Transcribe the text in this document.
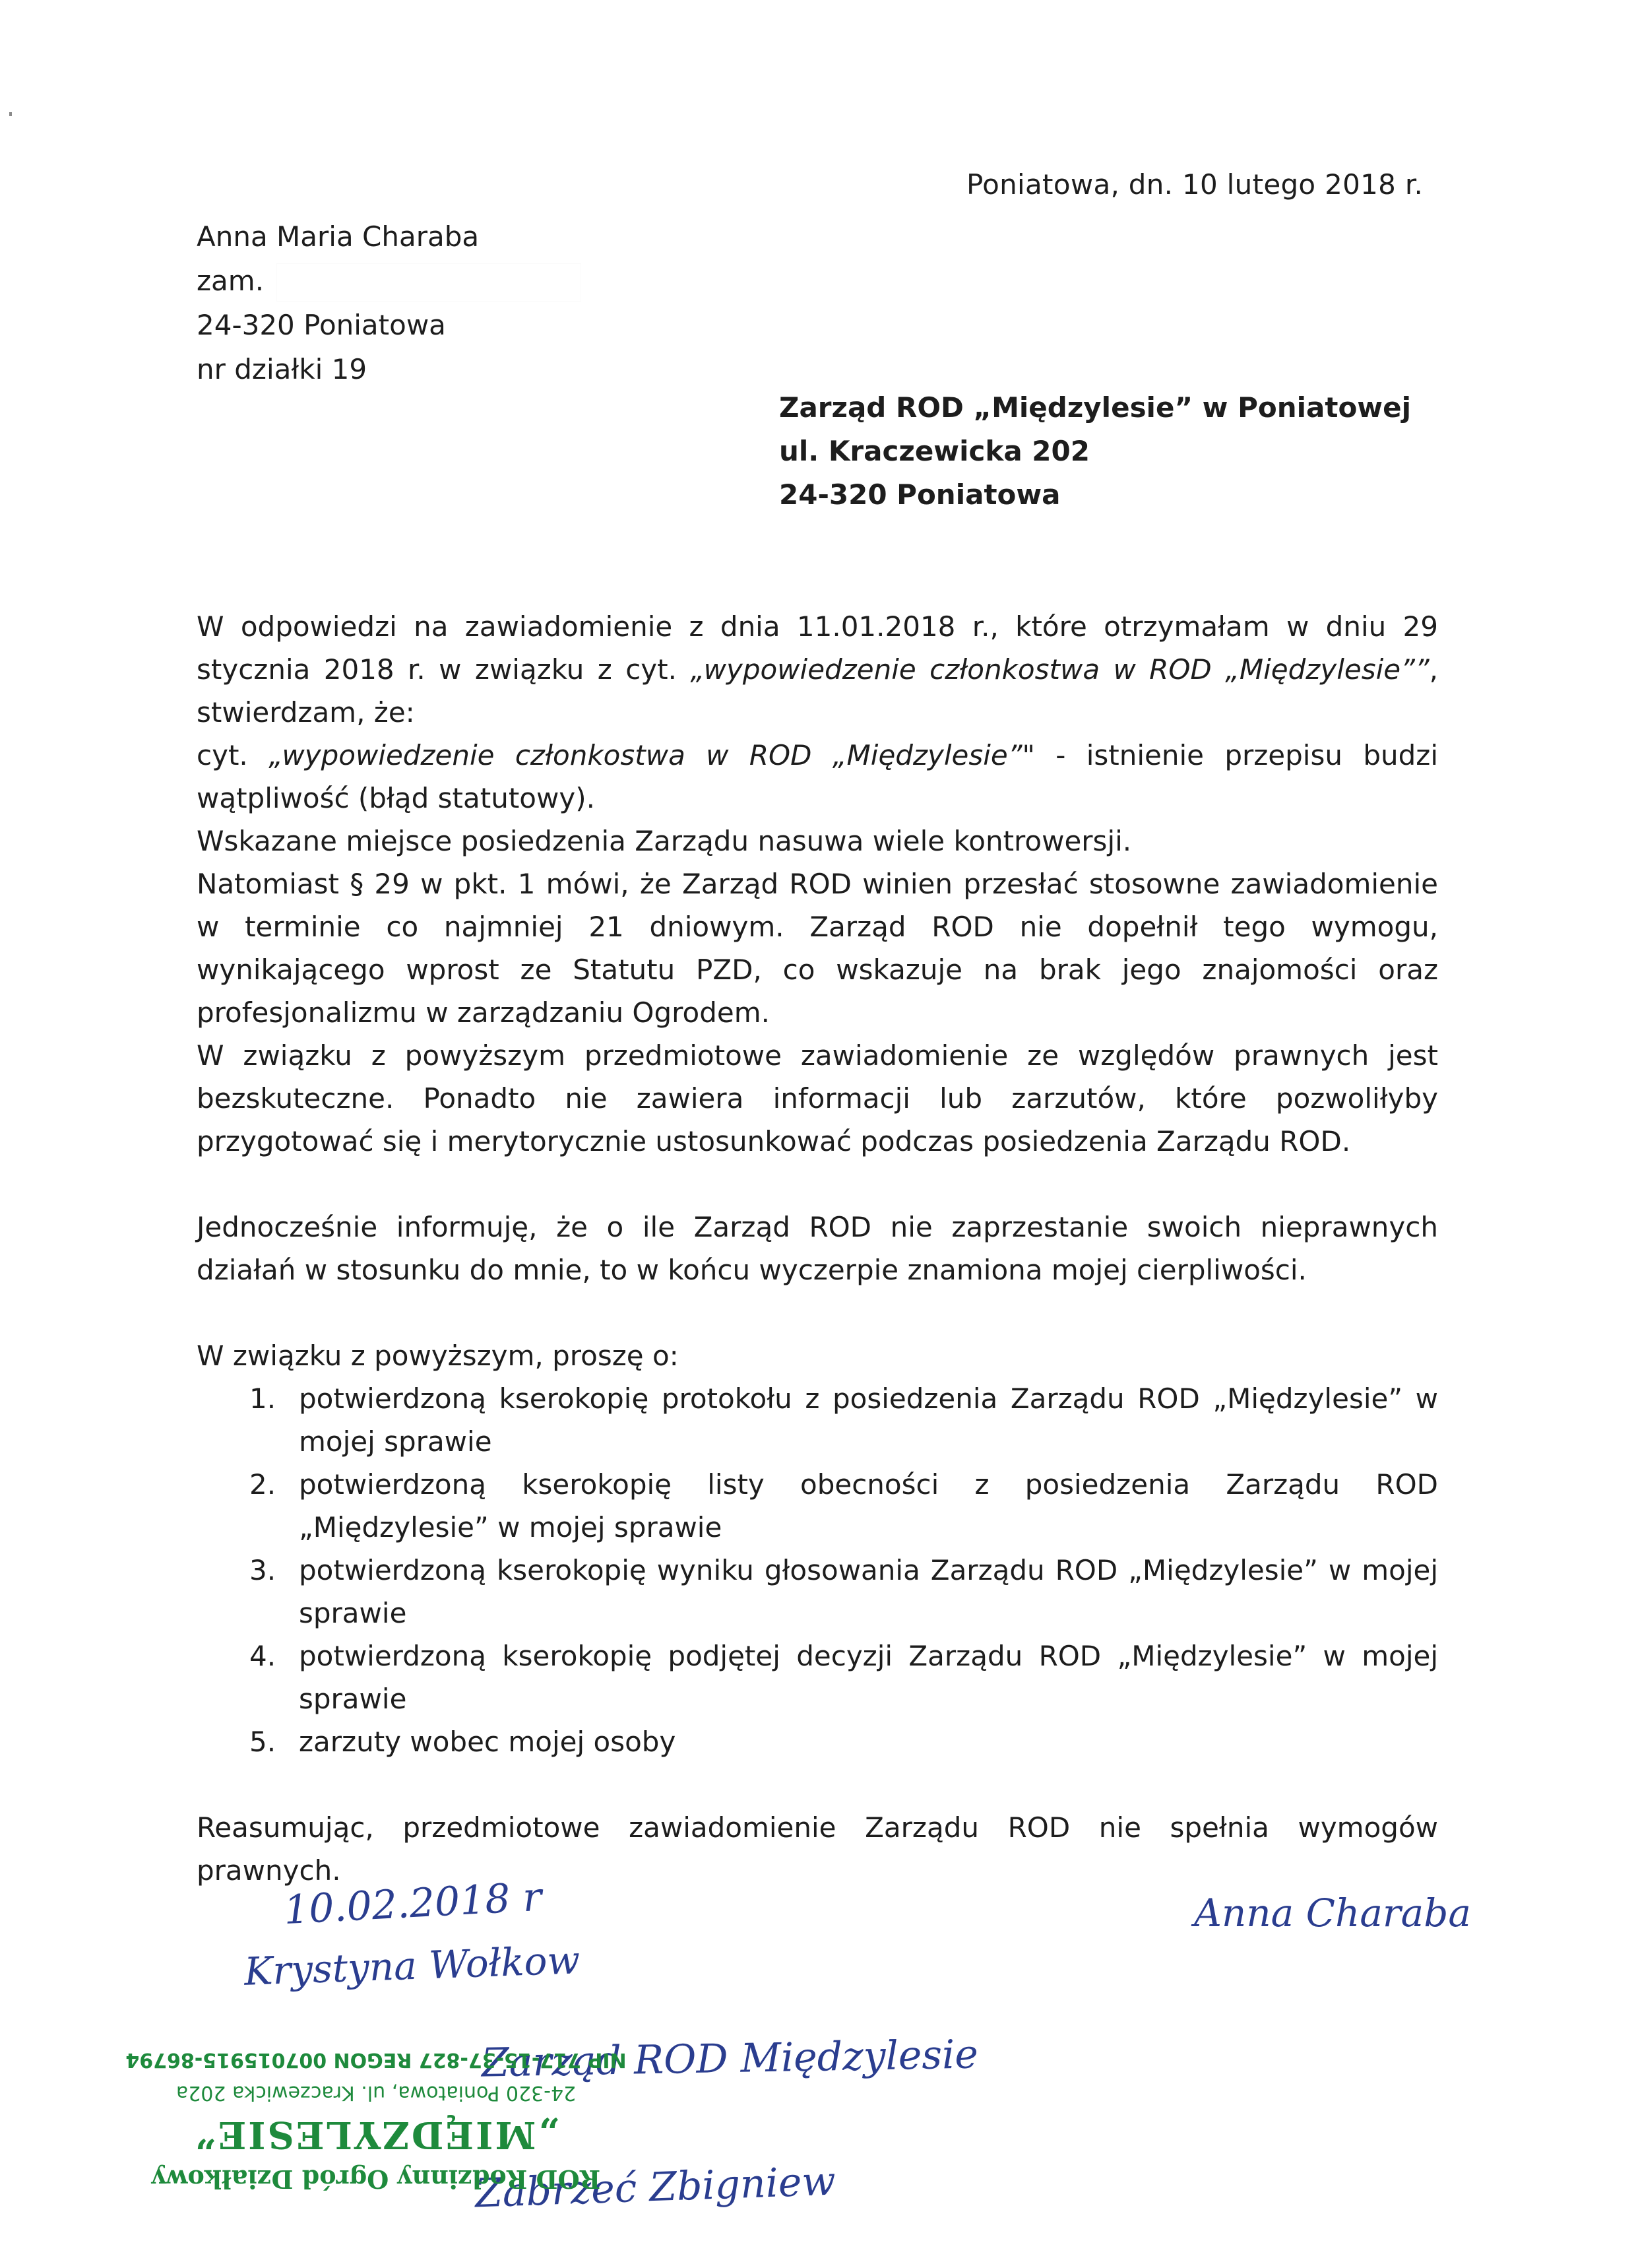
Poniatowa, dn. 10 lutego 2018 r.
Anna Maria Charaba
zam.
24-320 Poniatowa
nr działki 19
Zarząd ROD „Międzylesie” w Poniatowej
ul. Kraczewicka 202
24-320 Poniatowa
W odpowiedzi na zawiadomienie z dnia 11.01.2018 r., które otrzymałam w dniu 29 stycznia 2018 r. w związku z cyt. „wypowiedzenie członkostwa w ROD „Międzylesie””, stwierdzam, że:
cyt. „wypowiedzenie członkostwa w ROD „Międzylesie”" - istnienie przepisu budzi wątpliwość (błąd statutowy).
Wskazane miejsce posiedzenia Zarządu nasuwa wiele kontrowersji.
Natomiast § 29 w pkt. 1 mówi, że Zarząd ROD winien przesłać stosowne zawiadomienie w terminie co najmniej 21 dniowym. Zarząd ROD nie dopełnił tego wymogu, wynikającego wprost ze Statutu PZD, co wskazuje na brak jego znajomości oraz profesjonalizmu w zarządzaniu Ogrodem.
W związku z powyższym przedmiotowe zawiadomienie ze względów prawnych jest bezskuteczne. Ponadto nie zawiera informacji lub zarzutów, które pozwoliłyby przygotować się i merytorycznie ustosunkować podczas posiedzenia Zarządu ROD.
Jednocześnie informuję, że o ile Zarząd ROD nie zaprzestanie swoich nieprawnych działań w stosunku do mnie, to w końcu wyczerpie znamiona mojej cierpliwości.
W związku z powyższym, proszę o:
1. potwierdzoną kserokopię protokołu z posiedzenia Zarządu ROD „Międzylesie” w mojej sprawie
2. potwierdzoną kserokopię listy obecności z posiedzenia Zarządu ROD „Międzylesie” w mojej sprawie
3. potwierdzoną kserokopię wyniku głosowania Zarządu ROD „Międzylesie” w mojej sprawie
4. potwierdzoną kserokopię podjętej decyzji Zarządu ROD „Międzylesie” w mojej sprawie
5. zarzuty wobec mojej osoby
Reasumując, przedmiotowe zawiadomienie Zarządu ROD nie spełnia wymogów prawnych.
10.02.2018 r
Krystyna Wołkow
Anna Charaba
Zarząd ROD Międzylesie
Zabrzeć Zbigniew
ROD Rodzinny Ogród Działkowy
„MIĘDZYLESIE”
24-320 Poniatowa, ul. Kraczewicka 202a
NIP 717-15-37-827 REGON 007015915-86794
